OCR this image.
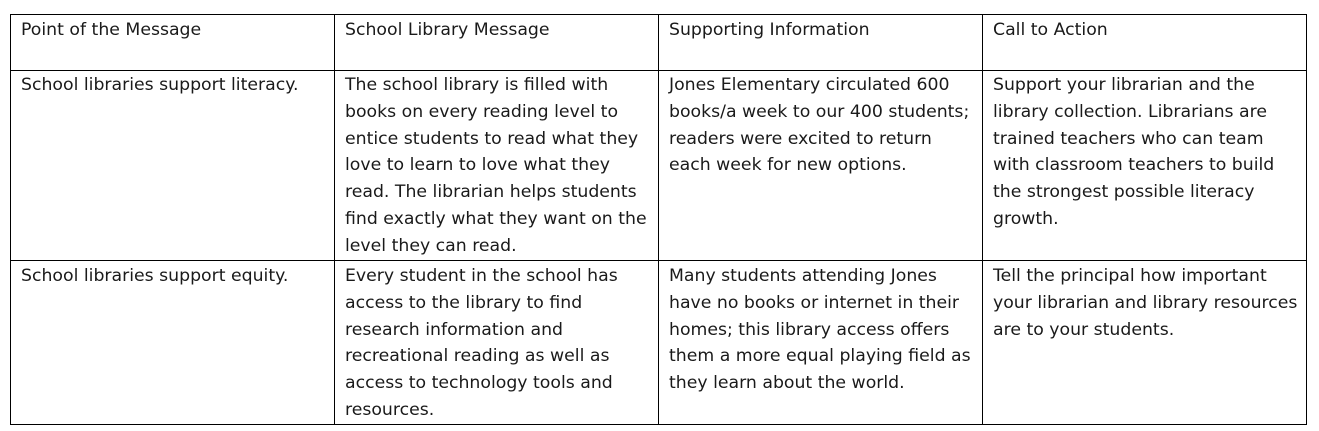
Point of the Message	School Library Message	Supporting Information	Call to Action
School libraries support literacy.	The school library is filled with books on every reading level to entice students to read what they love to learn to love what they read. The librarian helps students find exactly what they want on the level they can read.	Jones Elementary circulated 600 books/a week to our 400 students; readers were excited to return each week for new options.	Support your librarian and the library collection. Librarians are trained teachers who can team with classroom teachers to build the strongest possible literacy growth.
School libraries support equity.	Every student in the school has access to the library to find research information and recreational reading as well as access to technology tools and resources.	Many students attending Jones have no books or internet in their homes; this library access offers them a more equal playing field as they learn about the world.	Tell the principal how important your librarian and library resources are to your students.
